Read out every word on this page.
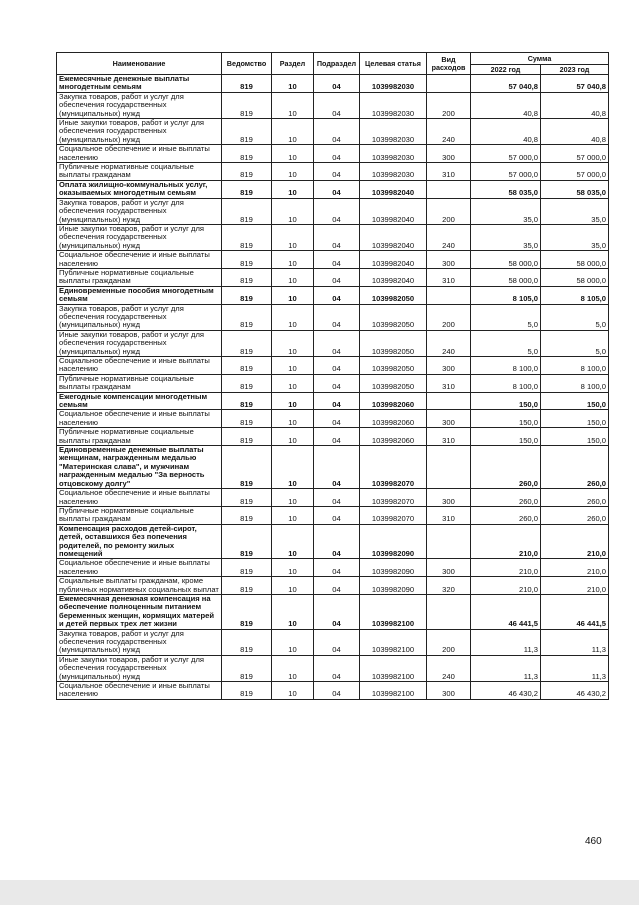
Наименование	Ведомство	Раздел	Подраздел	Целевая статья	Вид расходов	Сумма	
						2022 год	2023 год
Ежемесячные денежные выплаты многодетным семьям	819	10	04	1039982030		57 040,8	57 040,8
Закупка товаров, работ и услуг для обеспечения государственных (муниципальных) нужд	819	10	04	1039982030	200	40,8	40,8
Иные закупки товаров, работ и услуг для обеспечения государственных (муниципальных) нужд	819	10	04	1039982030	240	40,8	40,8
Социальное обеспечение и иные выплаты населению	819	10	04	1039982030	300	57 000,0	57 000,0
Публичные нормативные социальные выплаты гражданам	819	10	04	1039982030	310	57 000,0	57 000,0
Оплата жилищно-коммунальных услуг, оказываемых многодетным семьям	819	10	04	1039982040		58 035,0	58 035,0
Закупка товаров, работ и услуг для обеспечения государственных (муниципальных) нужд	819	10	04	1039982040	200	35,0	35,0
Иные закупки товаров, работ и услуг для обеспечения государственных (муниципальных) нужд	819	10	04	1039982040	240	35,0	35,0
Социальное обеспечение и иные выплаты населению	819	10	04	1039982040	300	58 000,0	58 000,0
Публичные нормативные социальные выплаты гражданам	819	10	04	1039982040	310	58 000,0	58 000,0
Единовременные пособия многодетным семьям	819	10	04	1039982050		8 105,0	8 105,0
Закупка товаров, работ и услуг для обеспечения государственных (муниципальных) нужд	819	10	04	1039982050	200	5,0	5,0
Иные закупки товаров, работ и услуг для обеспечения государственных (муниципальных) нужд	819	10	04	1039982050	240	5,0	5,0
Социальное обеспечение и иные выплаты населению	819	10	04	1039982050	300	8 100,0	8 100,0
Публичные нормативные социальные выплаты гражданам	819	10	04	1039982050	310	8 100,0	8 100,0
Ежегодные компенсации многодетным семьям	819	10	04	1039982060		150,0	150,0
Социальное обеспечение и иные выплаты населению	819	10	04	1039982060	300	150,0	150,0
Публичные нормативные социальные выплаты гражданам	819	10	04	1039982060	310	150,0	150,0
Единовременные денежные выплаты женщинам, награжденным медалью "Материнская слава", и мужчинам награжденным медалью "За верность отцовскому долгу"	819	10	04	1039982070		260,0	260,0
Социальное обеспечение и иные выплаты населению	819	10	04	1039982070	300	260,0	260,0
Публичные нормативные социальные выплаты гражданам	819	10	04	1039982070	310	260,0	260,0
Компенсация расходов детей-сирот, детей, оставшихся без попечения родителей, по ремонту жилых помещений	819	10	04	1039982090		210,0	210,0
Социальное обеспечение и иные выплаты населению	819	10	04	1039982090	300	210,0	210,0
Социальные выплаты гражданам, кроме публичных нормативных социальных выплат	819	10	04	1039982090	320	210,0	210,0
Ежемесячная денежная компенсация на обеспечение полноценным питанием беременных женщин, кормящих матерей и детей первых трех лет жизни	819	10	04	1039982100		46 441,5	46 441,5
Закупка товаров, работ и услуг для обеспечения государственных (муниципальных) нужд	819	10	04	1039982100	200	11,3	11,3
Иные закупки товаров, работ и услуг для обеспечения государственных (муниципальных) нужд	819	10	04	1039982100	240	11,3	11,3
Социальное обеспечение и иные выплаты населению	819	10	04	1039982100	300	46 430,2	46 430,2
460
